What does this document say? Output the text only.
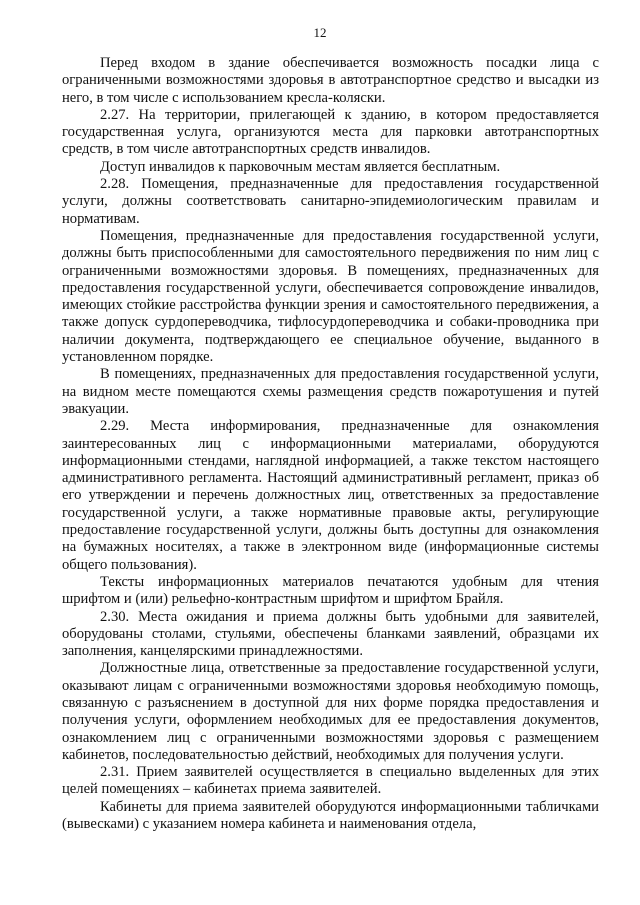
12

Перед входом в здание обеспечивается возможность посадки лица с ограниченными возможностями здоровья в автотранспортное средство и высадки из него, в том числе с использованием кресла-коляски.

2.27. На территории, прилегающей к зданию, в котором предоставляется государственная услуга, организуются места для парковки автотранспортных средств, в том числе автотранспортных средств инвалидов.

Доступ инвалидов к парковочным местам является бесплатным.

2.28. Помещения, предназначенные для предоставления государственной услуги, должны соответствовать санитарно-эпидемиологическим правилам и нормативам.

Помещения, предназначенные для предоставления государственной услуги, должны быть приспособленными для самостоятельного передвижения по ним лиц с ограниченными возможностями здоровья. В помещениях, предназначенных для предоставления государственной услуги, обеспечивается сопровождение инвалидов, имеющих стойкие расстройства функции зрения и самостоятельного передвижения, а также допуск сурдопереводчика, тифлосурдопереводчика и собаки-проводника при наличии документа, подтверждающего ее специальное обучение, выданного в установленном порядке.

В помещениях, предназначенных для предоставления государственной услуги, на видном месте помещаются схемы размещения средств пожаротушения и путей эвакуации.

2.29. Места информирования, предназначенные для ознакомления заинтересованных лиц с информационными материалами, оборудуются информационными стендами, наглядной информацией, а также текстом настоящего административного регламента. Настоящий административный регламент, приказ об его утверждении и перечень должностных лиц, ответственных за предоставление государственной услуги, а также нормативные правовые акты, регулирующие предоставление государственной услуги, должны быть доступны для ознакомления на бумажных носителях, а также в электронном виде (информационные системы общего пользования).

Тексты информационных материалов печатаются удобным для чтения шрифтом и (или) рельефно-контрастным шрифтом и шрифтом Брайля.

2.30. Места ожидания и приема должны быть удобными для заявителей, оборудованы столами, стульями, обеспечены бланками заявлений, образцами их заполнения, канцелярскими принадлежностями.

Должностные лица, ответственные за предоставление государственной услуги, оказывают лицам с ограниченными возможностями здоровья необходимую помощь, связанную с разъяснением в доступной для них форме порядка предоставления и получения услуги, оформлением необходимых для ее предоставления документов, ознакомлением лиц с ограниченными возможностями здоровья с размещением кабинетов, последовательностью действий, необходимых для получения услуги.

2.31. Прием заявителей осуществляется в специально выделенных для этих целей помещениях – кабинетах приема заявителей.

Кабинеты для приема заявителей оборудуются информационными табличками (вывесками) с указанием номера кабинета и наименования отдела,
